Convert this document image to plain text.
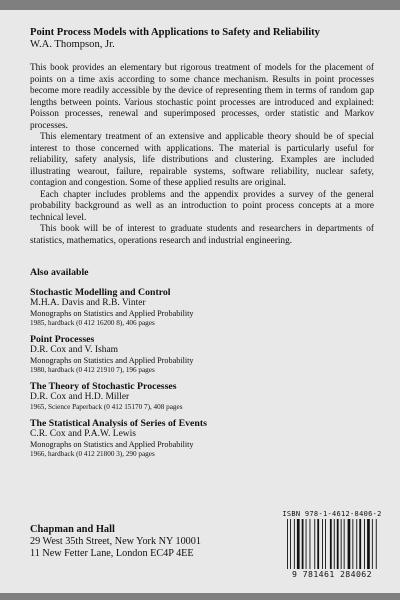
Point Process Models with Applications to Safety and Reliability

W.A. Thompson, Jr.

This book provides an elementary but rigorous treatment of models for the placement of points on a time axis according to some chance mechanism. Results in point processes become more readily accessible by the device of representing them in terms of random gap lengths between points. Various stochastic point processes are introduced and explained: Poisson processes, renewal and superimposed processes, order statistic and Markov processes.

This elementary treatment of an extensive and applicable theory should be of special interest to those concerned with applications. The material is particularly useful for reliability, safety analysis, life distributions and clustering. Examples are included illustrating wearout, failure, repairable systems, software reliability, nuclear safety, contagion and congestion. Some of these applied results are original.

Each chapter includes problems and the appendix provides a survey of the general probability background as well as an introduction to point process concepts at a more technical level.

This book will be of interest to graduate students and researchers in departments of statistics, mathematics, operations research and industrial engineering.

Also available
Stochastic Modelling and Control
M.H.A. Davis and R.B. Vinter
Monographs on Statistics and Applied Probability
1985, hardback (0 412 16200 8), 406 pages
Point Processes
D.R. Cox and V. Isham
Monographs on Statistics and Applied Probability
1980, hardback (0 412 21910 7), 196 pages
The Theory of Stochastic Processes
D.R. Cox and H.D. Miller
1965, Science Paperback (0 412 15170 7), 408 pages
The Statistical Analysis of Series of Events
C.R. Cox and P.A.W. Lewis
Monographs on Statistics and Applied Probability
1966, hardback (0 412 21800 3), 290 pages
Chapman and Hall
29 West 35th Street, New York NY 10001
11 New Fetter Lane, London EC4P 4EE
ISBN 978-1-4612-8406-2
9 781461 284062
